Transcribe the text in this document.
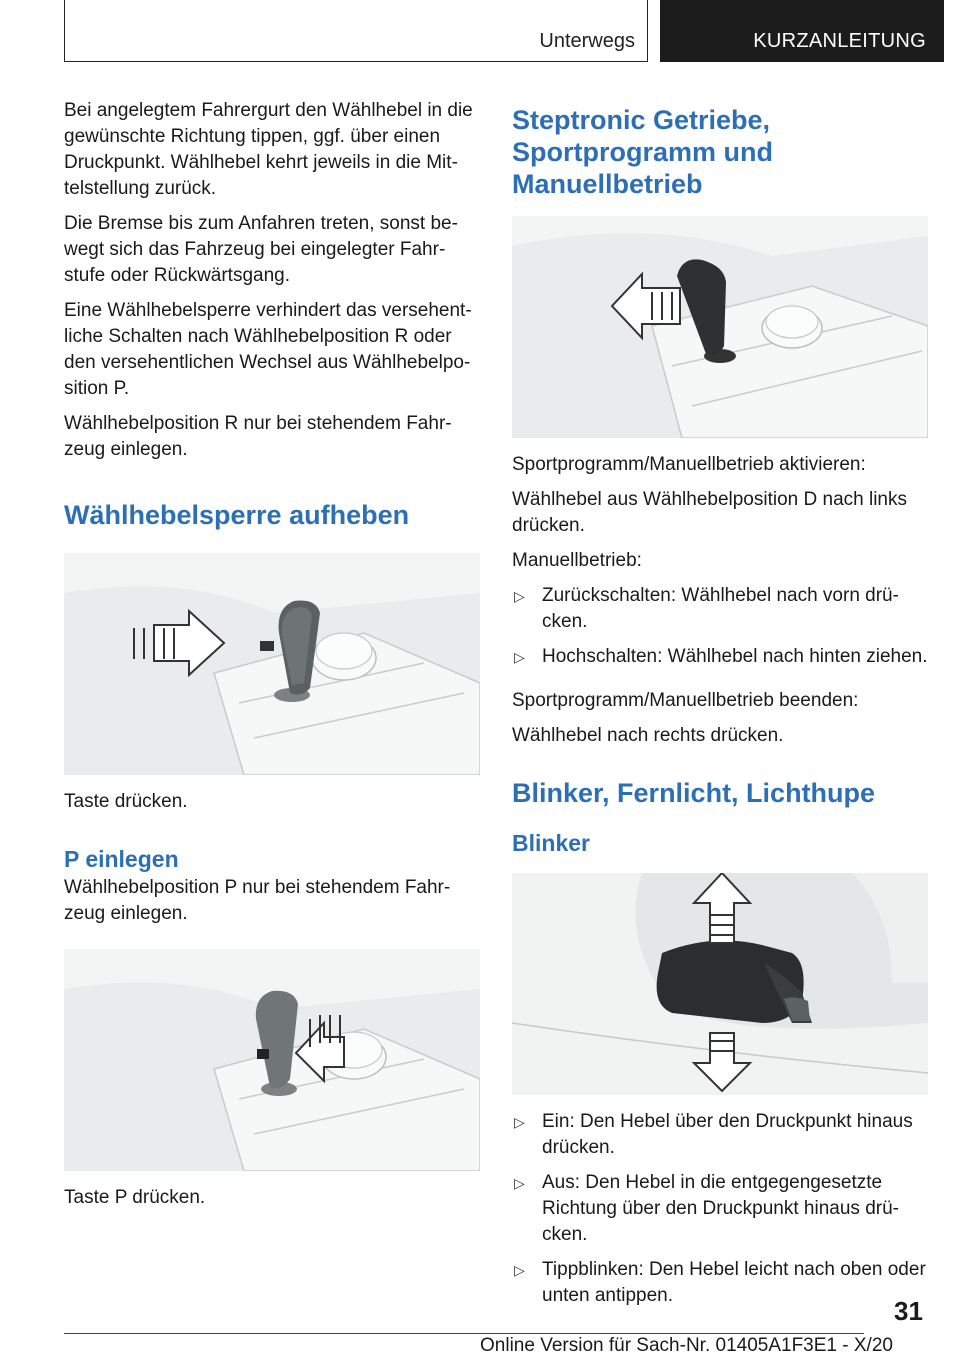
Unterwegs	KURZANLEITUNG

Bei angelegtem Fahrergurt den Wählhebel in die gewünschte Richtung tippen, ggf. über einen Druckpunkt. Wählhebel kehrt jeweils in die Mittelstellung zurück.

Die Bremse bis zum Anfahren treten, sonst bewegt sich das Fahrzeug bei eingelegter Fahrstufe oder Rückwärtsgang.

Eine Wählhebelsperre verhindert das versehentliche Schalten nach Wählhebelposition R oder den versehentlichen Wechsel aus Wählhebelposition P.

Wählhebelposition R nur bei stehendem Fahrzeug einlegen.

Wählhebelsperre aufheben

Taste drücken.

P einlegen

Wählhebelposition P nur bei stehendem Fahrzeug einlegen.

Taste P drücken.

Steptronic Getriebe, Sportprogramm und Manuellbetrieb

Sportprogramm/Manuellbetrieb aktivieren:

Wählhebel aus Wählhebelposition D nach links drücken.

Manuellbetrieb:

▷ Zurückschalten: Wählhebel nach vorn drücken.
▷ Hochschalten: Wählhebel nach hinten ziehen.

Sportprogramm/Manuellbetrieb beenden:

Wählhebel nach rechts drücken.

Blinker, Fernlicht, Lichthupe
Blinker
▷ Ein: Den Hebel über den Druckpunkt hinaus drücken.
▷ Aus: Den Hebel in die entgegengesetzte Richtung über den Druckpunkt hinaus drücken.
▷ Tippblinken: Den Hebel leicht nach oben oder unten antippen.
31
Online Version für Sach-Nr. 01405A1F3E1 - X/20
